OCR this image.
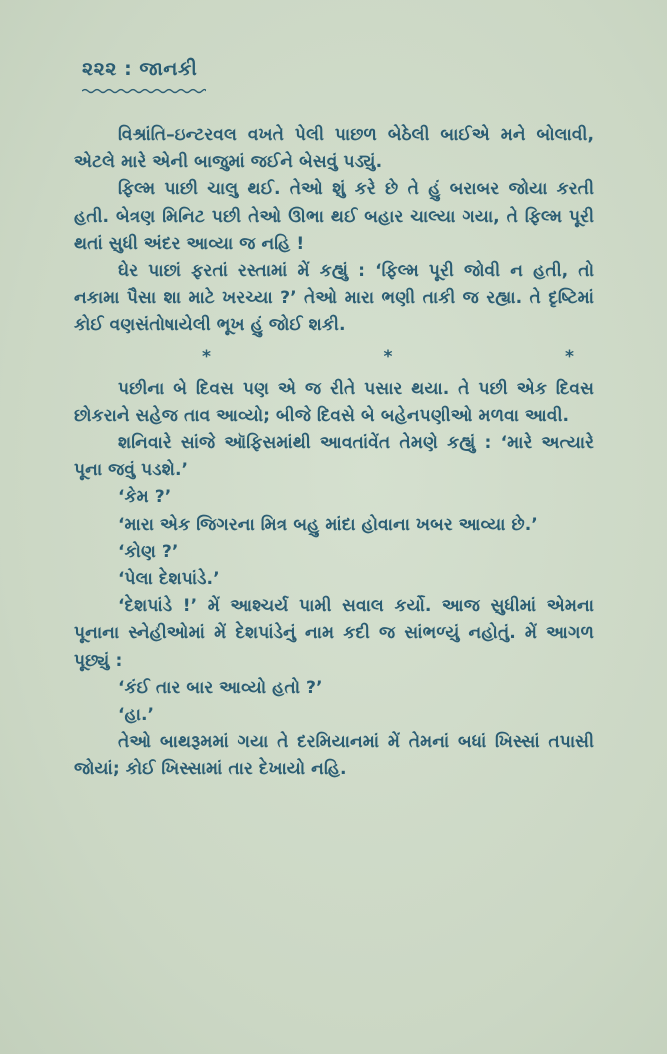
૨૨૨ : જાનકી

વિશ્રાંતિ–ઇન્ટરવલ વખતે પેલી પાછળ બેઠેલી બાઈએ મને બોલાવી, એટલે મારે એની બાજુમાં જઈને બેસવું પડ્યું.

ફિલ્મ પાછી ચાલુ થઈ. તેઓ શું કરે છે તે હું બરાબર જોયા કરતી હતી. બેત્રણ મિનિટ પછી તેઓ ઊભા થઈ બહાર ચાલ્યા ગયા, તે ફિલ્મ પૂરી થતાં સુધી અંદર આવ્યા જ નહિ !

ઘેર પાછાં ફરતાં રસ્તામાં મેં કહ્યું : ‘ફિલ્મ પૂરી જોવી ન હતી, તો નકામા પૈસા શા માટે ખરચ્યા ?’ તેઓ મારા ભણી તાકી જ રહ્યા. તે દૃષ્ટિમાં કોઈ વણસંતોષાયેલી ભૂખ હું જોઈ શકી.

*	*	*

પછીના બે દિવસ પણ એ જ રીતે પસાર થયા. તે પછી એક દિવસ છોકરાને સહેજ તાવ આવ્યો; બીજે દિવસે બે બહેનપણીઓ મળવા આવી.

શનિવારે સાંજે ઑફિસમાંથી આવતાંવેંત તેમણે કહ્યું : ‘મારે અત્યારે પૂના જવું પડશે.’

‘કેમ ?’

‘મારા એક જિગરના મિત્ર બહુ માંદા હોવાના ખબર આવ્યા છે.’

‘કોણ ?’

‘પેલા દેશપાંડે.’

‘દેશપાંડે !’ મેં આશ્ચર્ય પામી સવાલ કર્યો. આજ સુધીમાં એમના પૂનાના સ્નેહીઓમાં મેં દેશપાંડેનું નામ કદી જ સાંભળ્યું નહોતું. મેં આગળ પૂછ્યું :

‘કંઈ તાર બાર આવ્યો હતો ?’

‘હા.’

તેઓ બાથરૂમમાં ગયા તે દરમિયાનમાં મેં તેમનાં બધાં ખિસ્સાં તપાસી જોયાં; કોઈ ખિસ્સામાં તાર દેખાયો નહિ.
